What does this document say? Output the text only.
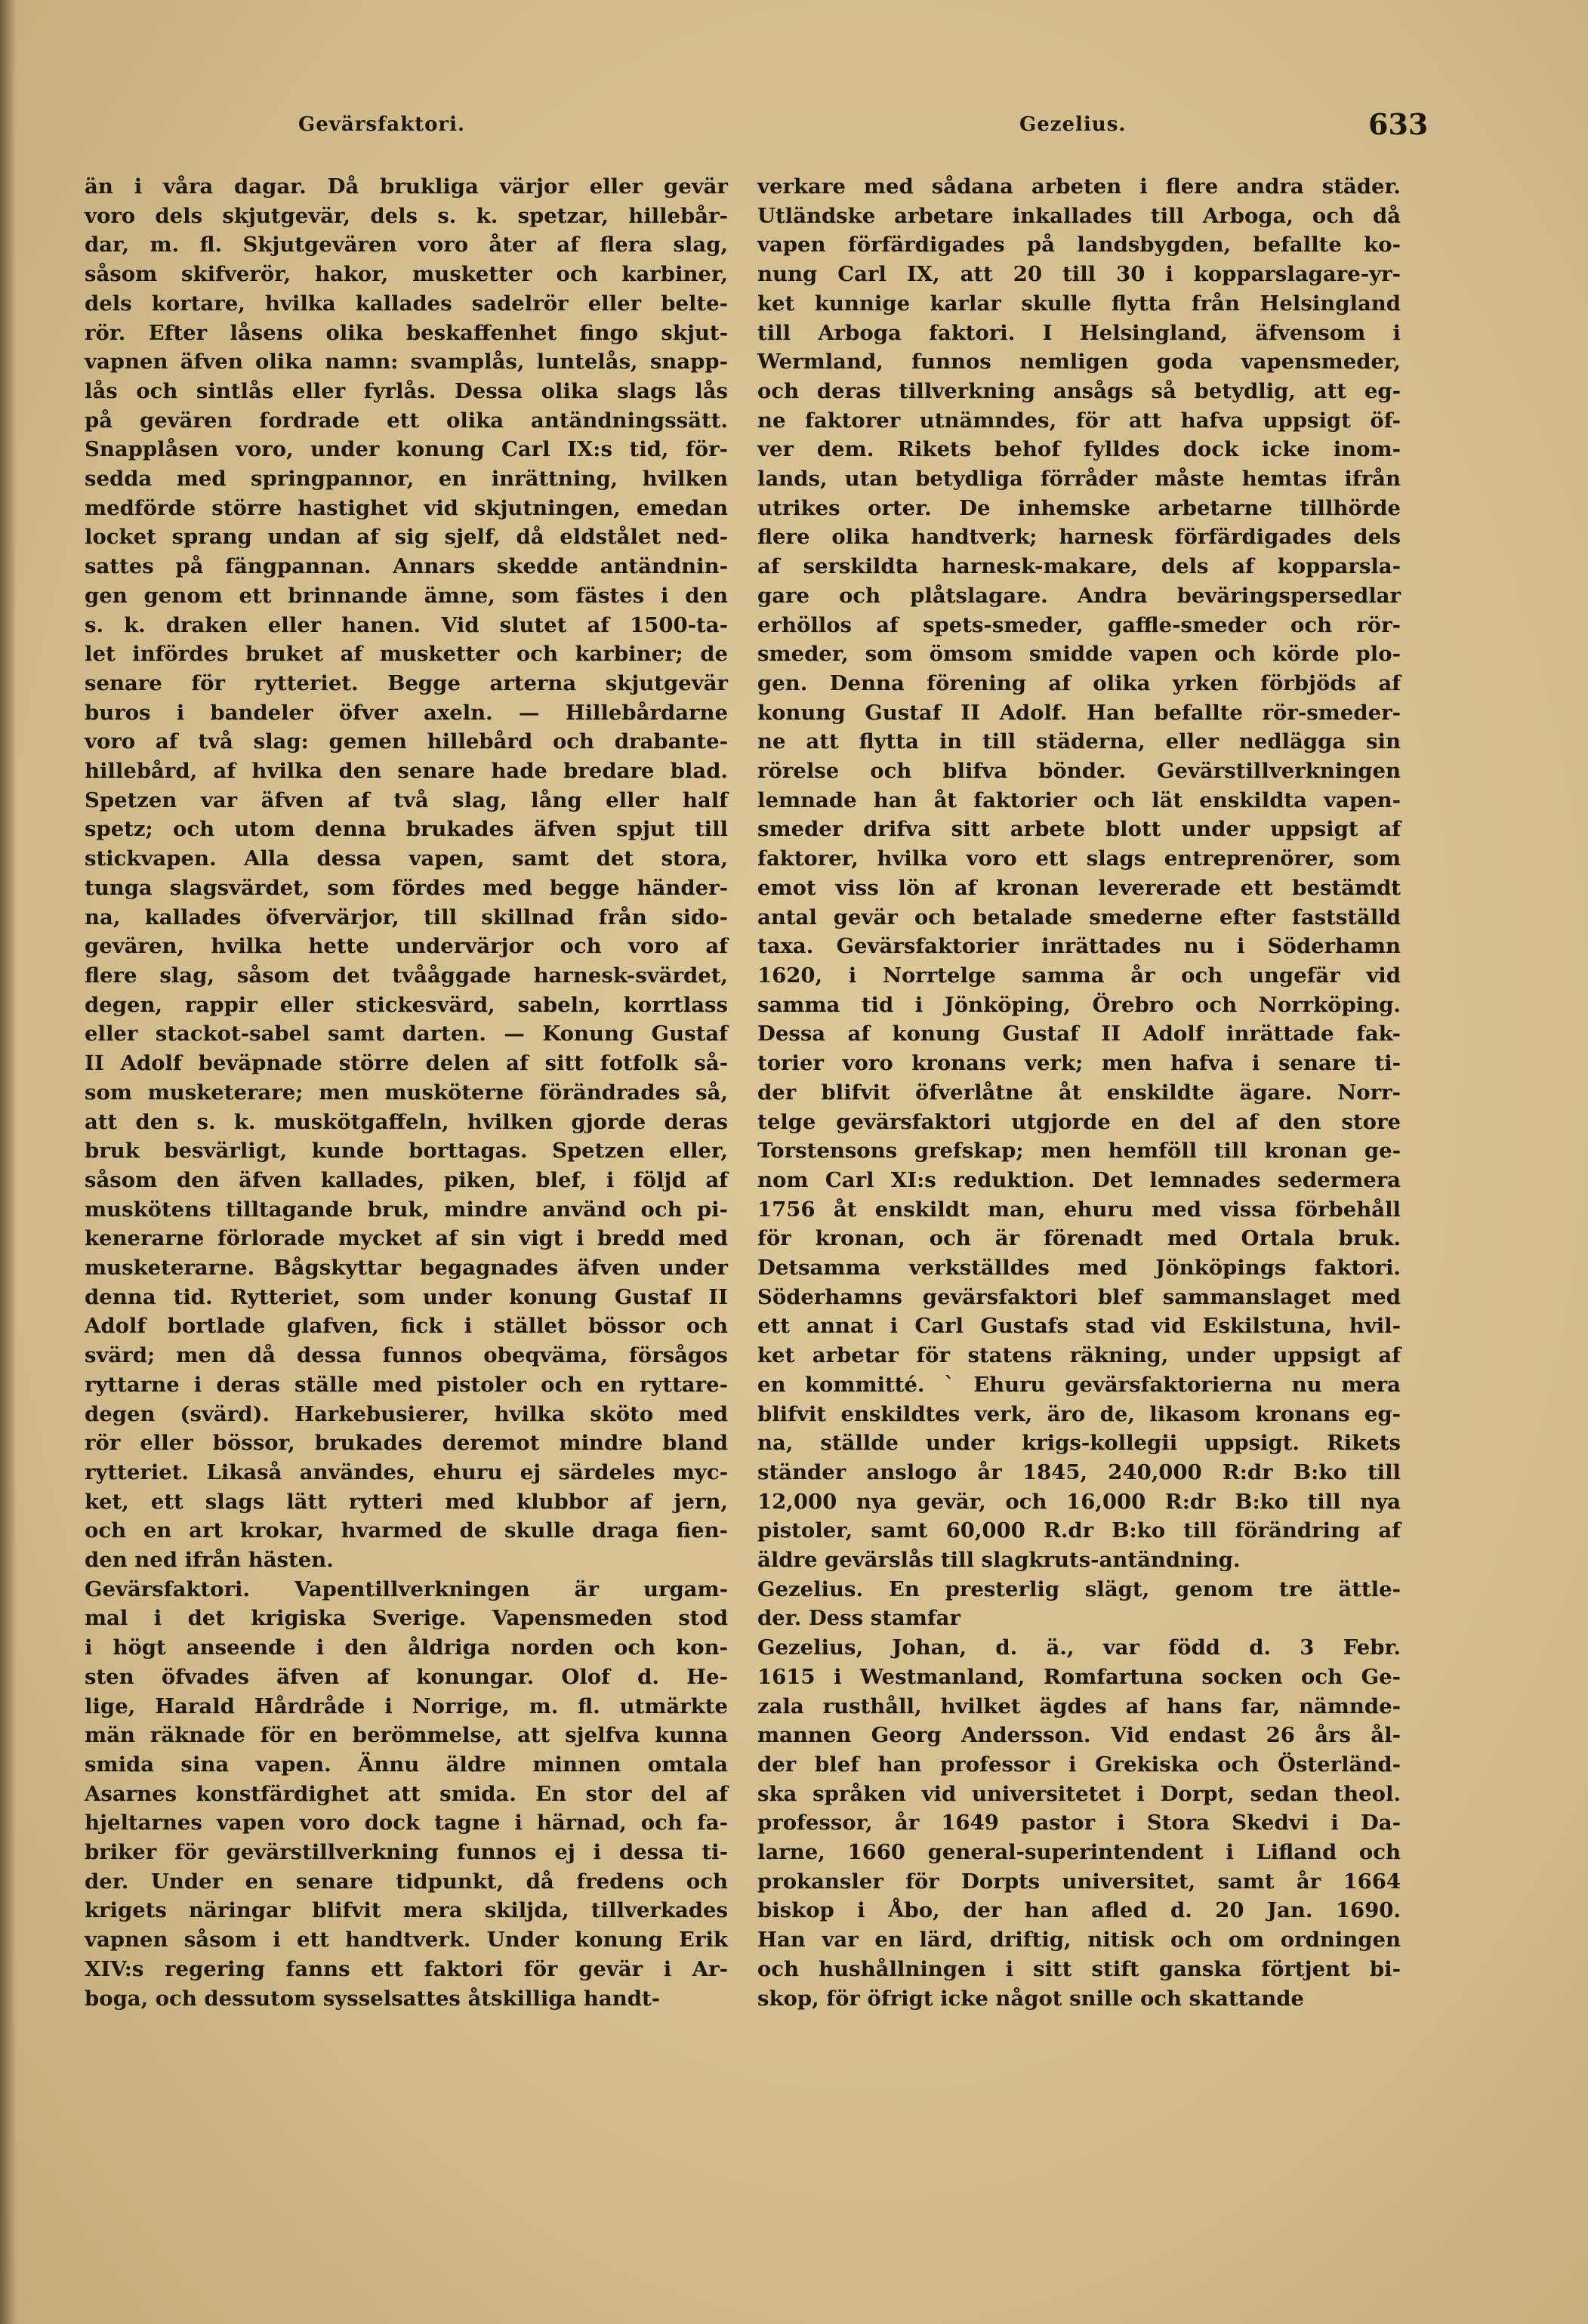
Gevärsfaktori.	Gezelius.	633
än i våra dagar. Då brukliga värjor eller gevär
voro dels skjutgevär, dels s. k. spetzar, hillebår-
dar, m. fl. Skjutgevären voro åter af flera slag,
såsom skifverör, hakor, musketter och karbiner,
dels kortare, hvilka kallades sadelrör eller belte-
rör. Efter låsens olika beskaffenhet fingo skjut-
vapnen äfven olika namn: svamplås, luntelås, snapp-
lås och sintlås eller fyrlås. Dessa olika slags lås
på gevären fordrade ett olika antändningssätt.
Snapplåsen voro, under konung Carl IX:s tid, för-
sedda med springpannor, en inrättning, hvilken
medförde större hastighet vid skjutningen, emedan
locket sprang undan af sig sjelf, då eldstålet ned-
sattes på fängpannan. Annars skedde antändnin-
gen genom ett brinnande ämne, som fästes i den
s. k. draken eller hanen. Vid slutet af 1500-ta-
let infördes bruket af musketter och karbiner; de
senare för rytteriet. Begge arterna skjutgevär
buros i bandeler öfver axeln. — Hillebårdarne
voro af två slag: gemen hillebård och drabante-
hillebård, af hvilka den senare hade bredare blad.
Spetzen var äfven af två slag, lång eller half
spetz; och utom denna brukades äfven spjut till
stickvapen. Alla dessa vapen, samt det stora,
tunga slagsvärdet, som fördes med begge händer-
na, kallades öfvervärjor, till skillnad från sido-
gevären, hvilka hette undervärjor och voro af
flere slag, såsom det tvååggade harnesk-svärdet,
degen, rappir eller stickesvärd, sabeln, korrtlass
eller stackot-sabel samt darten. — Konung Gustaf
II Adolf beväpnade större delen af sitt fotfolk så-
som musketerare; men musköterne förändrades så,
att den s. k. muskötgaffeln, hvilken gjorde deras
bruk besvärligt, kunde borttagas. Spetzen eller,
såsom den äfven kallades, piken, blef, i följd af
muskötens tilltagande bruk, mindre använd och pi-
kenerarne förlorade mycket af sin vigt i bredd med
musketerarne. Bågskyttar begagnades äfven under
denna tid. Rytteriet, som under konung Gustaf II
Adolf bortlade glafven, fick i stället bössor och
svärd; men då dessa funnos obeqväma, försågos
ryttarne i deras ställe med pistoler och en ryttare-
degen (svärd). Harkebusierer, hvilka sköto med
rör eller bössor, brukades deremot mindre bland
rytteriet. Likaså användes, ehuru ej särdeles myc-
ket, ett slags lätt rytteri med klubbor af jern,
och en art krokar, hvarmed de skulle draga fien-
den ned ifrån hästen.
Gevärsfaktori. Vapentillverkningen är urgam-
mal i det krigiska Sverige. Vapensmeden stod
i högt anseende i den åldriga norden och kon-
sten öfvades äfven af konungar. Olof d. He-
lige, Harald Hårdråde i Norrige, m. fl. utmärkte
män räknade för en berömmelse, att sjelfva kunna
smida sina vapen. Ännu äldre minnen omtala
Asarnes konstfärdighet att smida. En stor del af
hjeltarnes vapen voro dock tagne i härnad, och fa-
briker för gevärstillverkning funnos ej i dessa ti-
der. Under en senare tidpunkt, då fredens och
krigets näringar blifvit mera skiljda, tillverkades
vapnen såsom i ett handtverk. Under konung Erik
XIV:s regering fanns ett faktori för gevär i Ar-
boga, och dessutom sysselsattes åtskilliga handt-
verkare med sådana arbeten i flere andra städer.
Utländske arbetare inkallades till Arboga, och då
vapen förfärdigades på landsbygden, befallte ko-
nung Carl IX, att 20 till 30 i kopparslagare-yr-
ket kunnige karlar skulle flytta från Helsingland
till Arboga faktori. I Helsingland, äfvensom i
Wermland, funnos nemligen goda vapensmeder,
och deras tillverkning ansågs så betydlig, att eg-
ne faktorer utnämndes, för att hafva uppsigt öf-
ver dem. Rikets behof fylldes dock icke inom-
lands, utan betydliga förråder måste hemtas ifrån
utrikes orter. De inhemske arbetarne tillhörde
flere olika handtverk; harnesk förfärdigades dels
af serskildta harnesk-makare, dels af kopparsla-
gare och plåtslagare. Andra beväringspersedlar
erhöllos af spets-smeder, gaffle-smeder och rör-
smeder, som ömsom smidde vapen och körde plo-
gen. Denna förening af olika yrken förbjöds af
konung Gustaf II Adolf. Han befallte rör-smeder-
ne att flytta in till städerna, eller nedlägga sin
rörelse och blifva bönder. Gevärstillverkningen
lemnade han åt faktorier och lät enskildta vapen-
smeder drifva sitt arbete blott under uppsigt af
faktorer, hvilka voro ett slags entreprenörer, som
emot viss lön af kronan levererade ett bestämdt
antal gevär och betalade smederne efter fastställd
taxa. Gevärsfaktorier inrättades nu i Söderhamn
1620, i Norrtelge samma år och ungefär vid
samma tid i Jönköping, Örebro och Norrköping.
Dessa af konung Gustaf II Adolf inrättade fak-
torier voro kronans verk; men hafva i senare ti-
der blifvit öfverlåtne åt enskildte ägare. Norr-
telge gevärsfaktori utgjorde en del af den store
Torstensons grefskap; men hemföll till kronan ge-
nom Carl XI:s reduktion. Det lemnades sedermera
1756 åt enskildt man, ehuru med vissa förbehåll
för kronan, och är förenadt med Ortala bruk.
Detsamma verkställdes med Jönköpings faktori.
Söderhamns gevärsfaktori blef sammanslaget med
ett annat i Carl Gustafs stad vid Eskilstuna, hvil-
ket arbetar för statens räkning, under uppsigt af
en kommitté. ` Ehuru gevärsfaktorierna nu mera
blifvit enskildtes verk, äro de, likasom kronans eg-
na, ställde under krigs-kollegii uppsigt. Rikets
ständer anslogo år 1845, 240,000 R:dr B:ko till
12,000 nya gevär, och 16,000 R:dr B:ko till nya
pistoler, samt 60,000 R.dr B:ko till förändring af
äldre gevärslås till slagkruts-antändning.
Gezelius. En presterlig slägt, genom tre ättle-
der. Dess stamfar
Gezelius, Johan, d. ä., var född d. 3 Febr.
1615 i Westmanland, Romfartuna socken och Ge-
zala rusthåll, hvilket ägdes af hans far, nämnde-
mannen Georg Andersson. Vid endast 26 års ål-
der blef han professor i Grekiska och Österländ-
ska språken vid universitetet i Dorpt, sedan theol.
professor, år 1649 pastor i Stora Skedvi i Da-
larne, 1660 general-superintendent i Lifland och
prokansler för Dorpts universitet, samt år 1664
biskop i Åbo, der han afled d. 20 Jan. 1690.
Han var en lärd, driftig, nitisk och om ordningen
och hushållningen i sitt stift ganska förtjent bi-
skop, för öfrigt icke något snille och skattande
